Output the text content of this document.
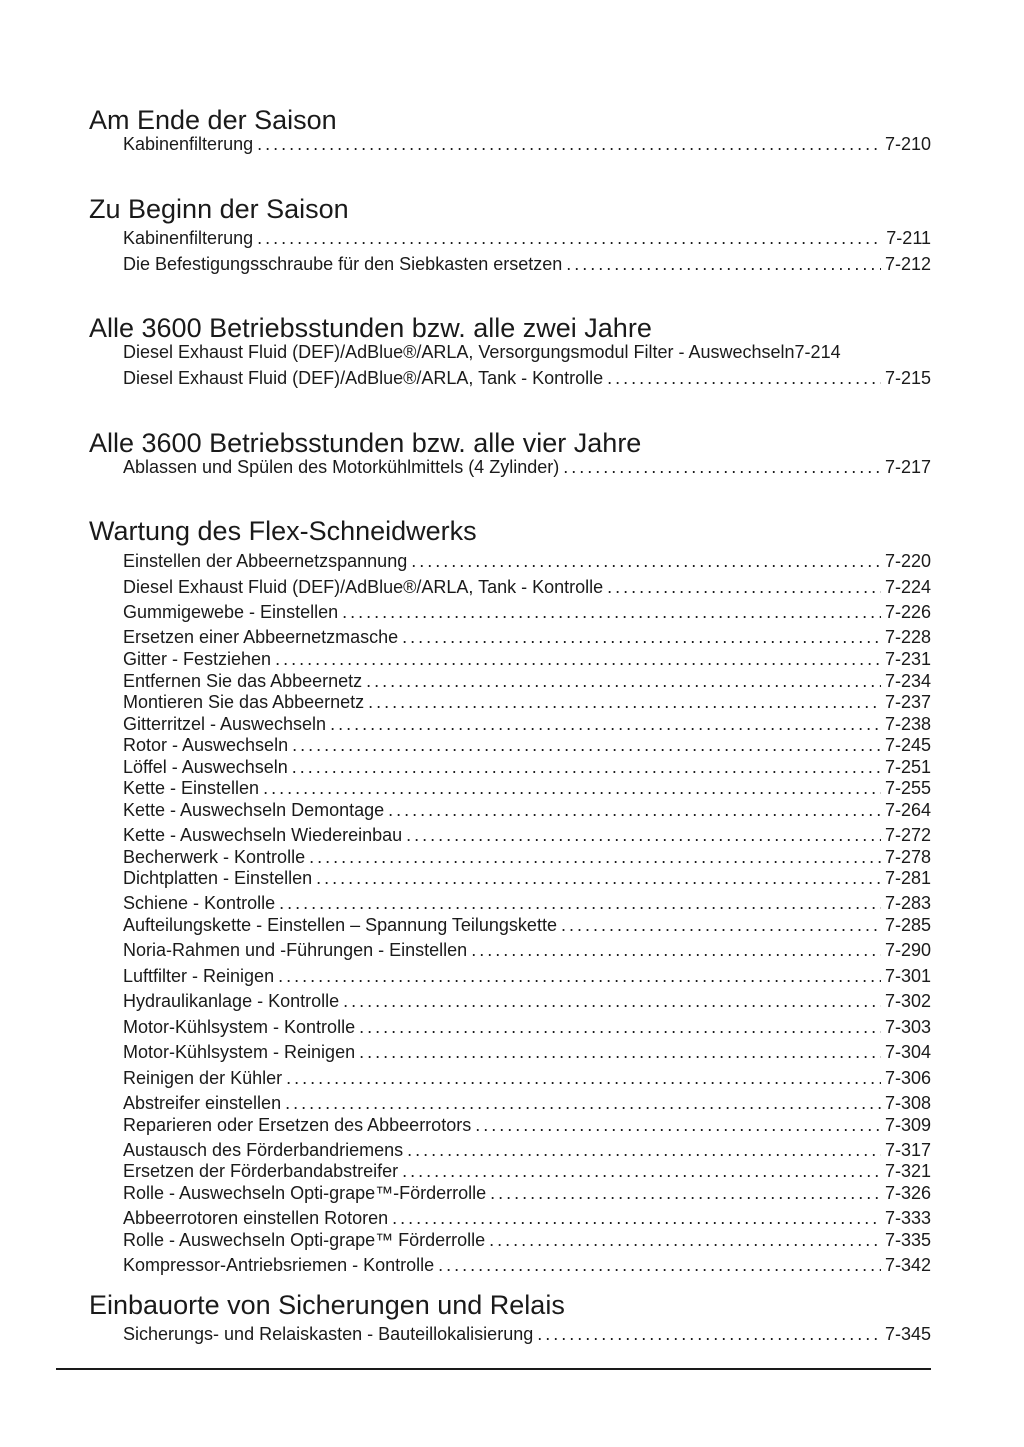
Am Ende der Saison
Kabinenfilterung .....	7-210
Zu Beginn der Saison
Kabinenfilterung .....	7-211
Die Befestigungsschraube für den Siebkasten ersetzen .....	7-212
Alle 3600 Betriebsstunden bzw. alle zwei Jahre
Diesel Exhaust Fluid (DEF)/AdBlue®/ARLA, Versorgungsmodul Filter - Auswechseln 7-214
Diesel Exhaust Fluid (DEF)/AdBlue®/ARLA, Tank - Kontrolle .....	7-215
Alle 3600 Betriebsstunden bzw. alle vier Jahre
Ablassen und Spülen des Motorkühlmittels (4 Zylinder) .....	7-217
Wartung des Flex-Schneidwerks
Einstellen der Abbeernetzspannung .....	7-220
Diesel Exhaust Fluid (DEF)/AdBlue®/ARLA, Tank - Kontrolle .....	7-224
Gummigewebe - Einstellen .....	7-226
Ersetzen einer Abbeernetzmasche .....	7-228
Gitter - Festziehen .....	7-231
Entfernen Sie das Abbeernetz .....	7-234
Montieren Sie das Abbeernetz .....	7-237
Gitterritzel - Auswechseln .....	7-238
Rotor - Auswechseln .....	7-245
Löffel - Auswechseln .....	7-251
Kette - Einstellen .....	7-255
Kette - Auswechseln Demontage .....	7-264
Kette - Auswechseln Wiedereinbau .....	7-272
Becherwerk - Kontrolle .....	7-278
Dichtplatten - Einstellen .....	7-281
Schiene - Kontrolle .....	7-283
Aufteilungskette - Einstellen – Spannung Teilungskette .....	7-285
Noria-Rahmen und -Führungen - Einstellen .....	7-290
Luftfilter - Reinigen .....	7-301
Hydraulikanlage - Kontrolle .....	7-302
Motor-Kühlsystem - Kontrolle .....	7-303
Motor-Kühlsystem - Reinigen .....	7-304
Reinigen der Kühler .....	7-306
Abstreifer einstellen .....	7-308
Reparieren oder Ersetzen des Abbeerrotors .....	7-309
Austausch des Förderbandriemens .....	7-317
Ersetzen der Förderbandabstreifer .....	7-321
Rolle - Auswechseln Opti-grape™-Förderrolle .....	7-326
Abbeerrotoren einstellen Rotoren .....	7-333
Rolle - Auswechseln Opti-grape™ Förderrolle .....	7-335
Kompressor-Antriebsriemen - Kontrolle .....	7-342
Einbauorte von Sicherungen und Relais
Sicherungs- und Relaiskasten - Bauteillokalisierung .....	7-345
